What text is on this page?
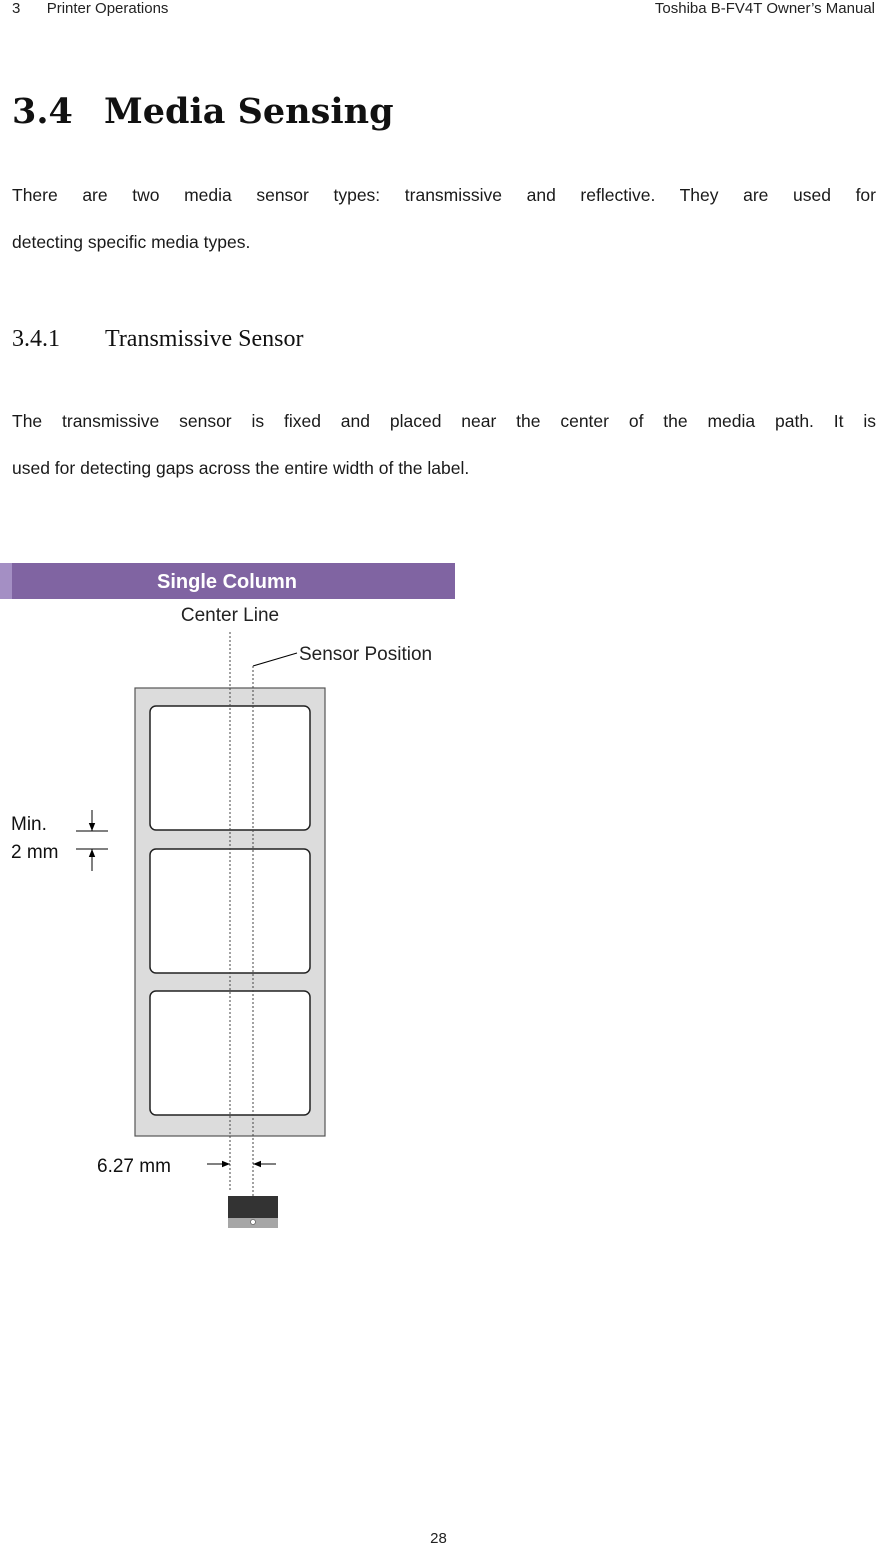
3 Printer Operations	Toshiba B-FV4T Owner’s Manual
3.4 Media Sensing
There are two media sensor types: transmissive and reflective. They are used for
detecting specific media types.
3.4.1 Transmissive Sensor
The transmissive sensor is fixed and placed near the center of the media path. It is
used for detecting gaps across the entire width of the label.
Single Column
Center Line
Sensor Position
Min.
2 mm
6.27 mm
28
